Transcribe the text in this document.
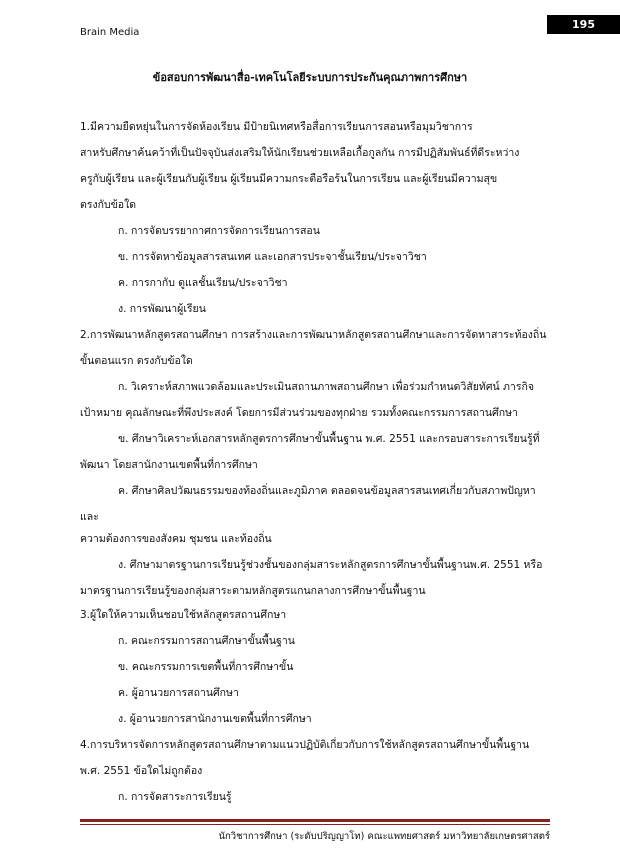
Brain Media
195
ข้อสอบการพัฒนาสื่อ-เทคโนโลยีระบบการประกันคุณภาพการศึกษา
1.มีความยืดหยุ่นในการจัดห้องเรียน มีป้ายนิเทศหรือสื่อการเรียนการสอนหรือมุมวิชาการ
สาหรับศึกษาค้นคว้าที่เป็นปัจจุบันส่งเสริมให้นักเรียนช่วยเหลือเกื้อกูลกัน การมีปฏิสัมพันธ์ที่ดีระหว่าง
ครูกับผู้เรียน และผู้เรียนกับผู้เรียน ผู้เรียนมีความกระตือรือร้นในการเรียน และผู้เรียนมีความสุข
ตรงกับข้อใด
ก. การจัดบรรยากาศการจัดการเรียนการสอน
ข. การจัดหาข้อมูลสารสนเทศ และเอกสารประจาชั้นเรียน/ประจาวิชา
ค. การกากับ ดูแลชั้นเรียน/ประจาวิชา
ง. การพัฒนาผู้เรียน
2.การพัฒนาหลักสูตรสถานศึกษา การสร้างและการพัฒนาหลักสูตรสถานศึกษาและการจัดหาสาระท้องถิ่น
ขั้นตอนแรก ตรงกับข้อใด
ก. วิเคราะห์สภาพแวดล้อมและประเมินสถานภาพสถานศึกษา เพื่อร่วมกำหนดวิสัยทัศน์ ภารกิจ
เป้าหมาย คุณลักษณะที่พึงประสงค์ โดยการมีส่วนร่วมของทุกฝ่าย รวมทั้งคณะกรรมการสถานศึกษา
ข. ศึกษาวิเคราะห์เอกสารหลักสูตรการศึกษาขั้นพื้นฐาน พ.ศ. 2551 และกรอบสาระการเรียนรู้ที่
พัฒนา โดยสานักงานเขตพื้นที่การศึกษา
ค. ศึกษาศิลปวัฒนธรรมของท้องถิ่นและภูมิภาค ตลอดจนข้อมูลสารสนเทศเกี่ยวกับสภาพปัญหา
และ
ความต้องการของสังคม ชุมชน และท้องถิ่น
ง. ศึกษามาตรฐานการเรียนรู้ช่วงชั้นของกลุ่มสาระหลักสูตรการศึกษาขั้นพื้นฐานพ.ศ. 2551 หรือ
มาตรฐานการเรียนรู้ของกลุ่มสาระตามหลักสูตรแกนกลางการศึกษาขั้นพื้นฐาน
3.ผู้ใดให้ความเห็นชอบใช้หลักสูตรสถานศึกษา
ก. คณะกรรมการสถานศึกษาขั้นพื้นฐาน
ข. คณะกรรมการเขตพื้นที่การศึกษาขั้น
ค. ผู้อานวยการสถานศึกษา
ง. ผู้อานวยการสานักงานเขตพื้นที่การศึกษา
4.การบริหารจัดการหลักสูตรสถานศึกษาตามแนวปฏิบัติเกี่ยวกับการใช้หลักสูตรสถานศึกษาขั้นพื้นฐาน
พ.ศ. 2551 ข้อใดไม่ถูกต้อง
ก. การจัดสาระการเรียนรู้
นักวิชาการศึกษา (ระดับปริญญาโท) คณะแพทยศาสตร์ มหาวิทยาลัยเกษตรศาสตร์
